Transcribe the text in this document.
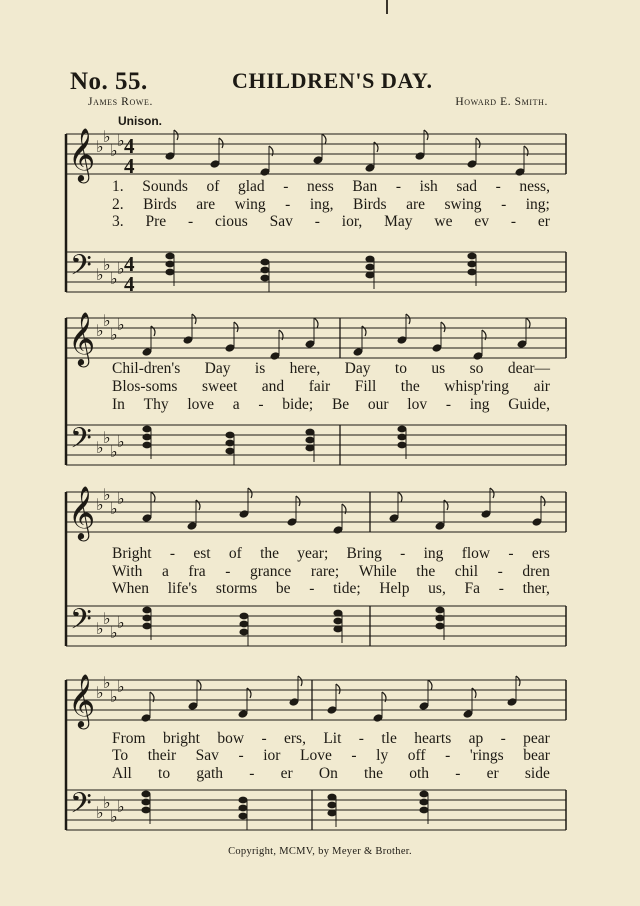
No. 55.	CHILDREN'S DAY.
James Rowe.	Howard E. Smith.
Unison.
𝄞
𝄢
♭
♭
♭
♭
♭
♭
♭
♭
4
4
4
4
𝄞
𝄢
♭
♭
♭
♭
♭
♭
♭
♭
𝄞
𝄢
♭
♭
♭
♭
♭
♭
♭
♭
𝄞
𝄢
♭
♭
♭
♭
♭
♭
♭
♭
1. Sounds of glad - ness Ban - ish sad - ness,
2. Birds are wing - ing, Birds are swing - ing;
3. Pre - cious Sav - ior, May we ev - er
Chil-dren's Day is here, Day to us so dear—
Blos-soms sweet and fair Fill the whisp'ring air
In Thy love a - bide; Be our lov - ing Guide,
Bright - est of the year; Bring - ing flow - ers
With a fra - grance rare; While the chil - dren
When life's storms be - tide; Help us, Fa - ther,
From bright bow - ers, Lit - tle hearts ap - pear
To their Sav - ior Love - ly off - 'rings bear
All to gath - er On the oth - er side
Copyright, MCMV, by Meyer & Brother.
